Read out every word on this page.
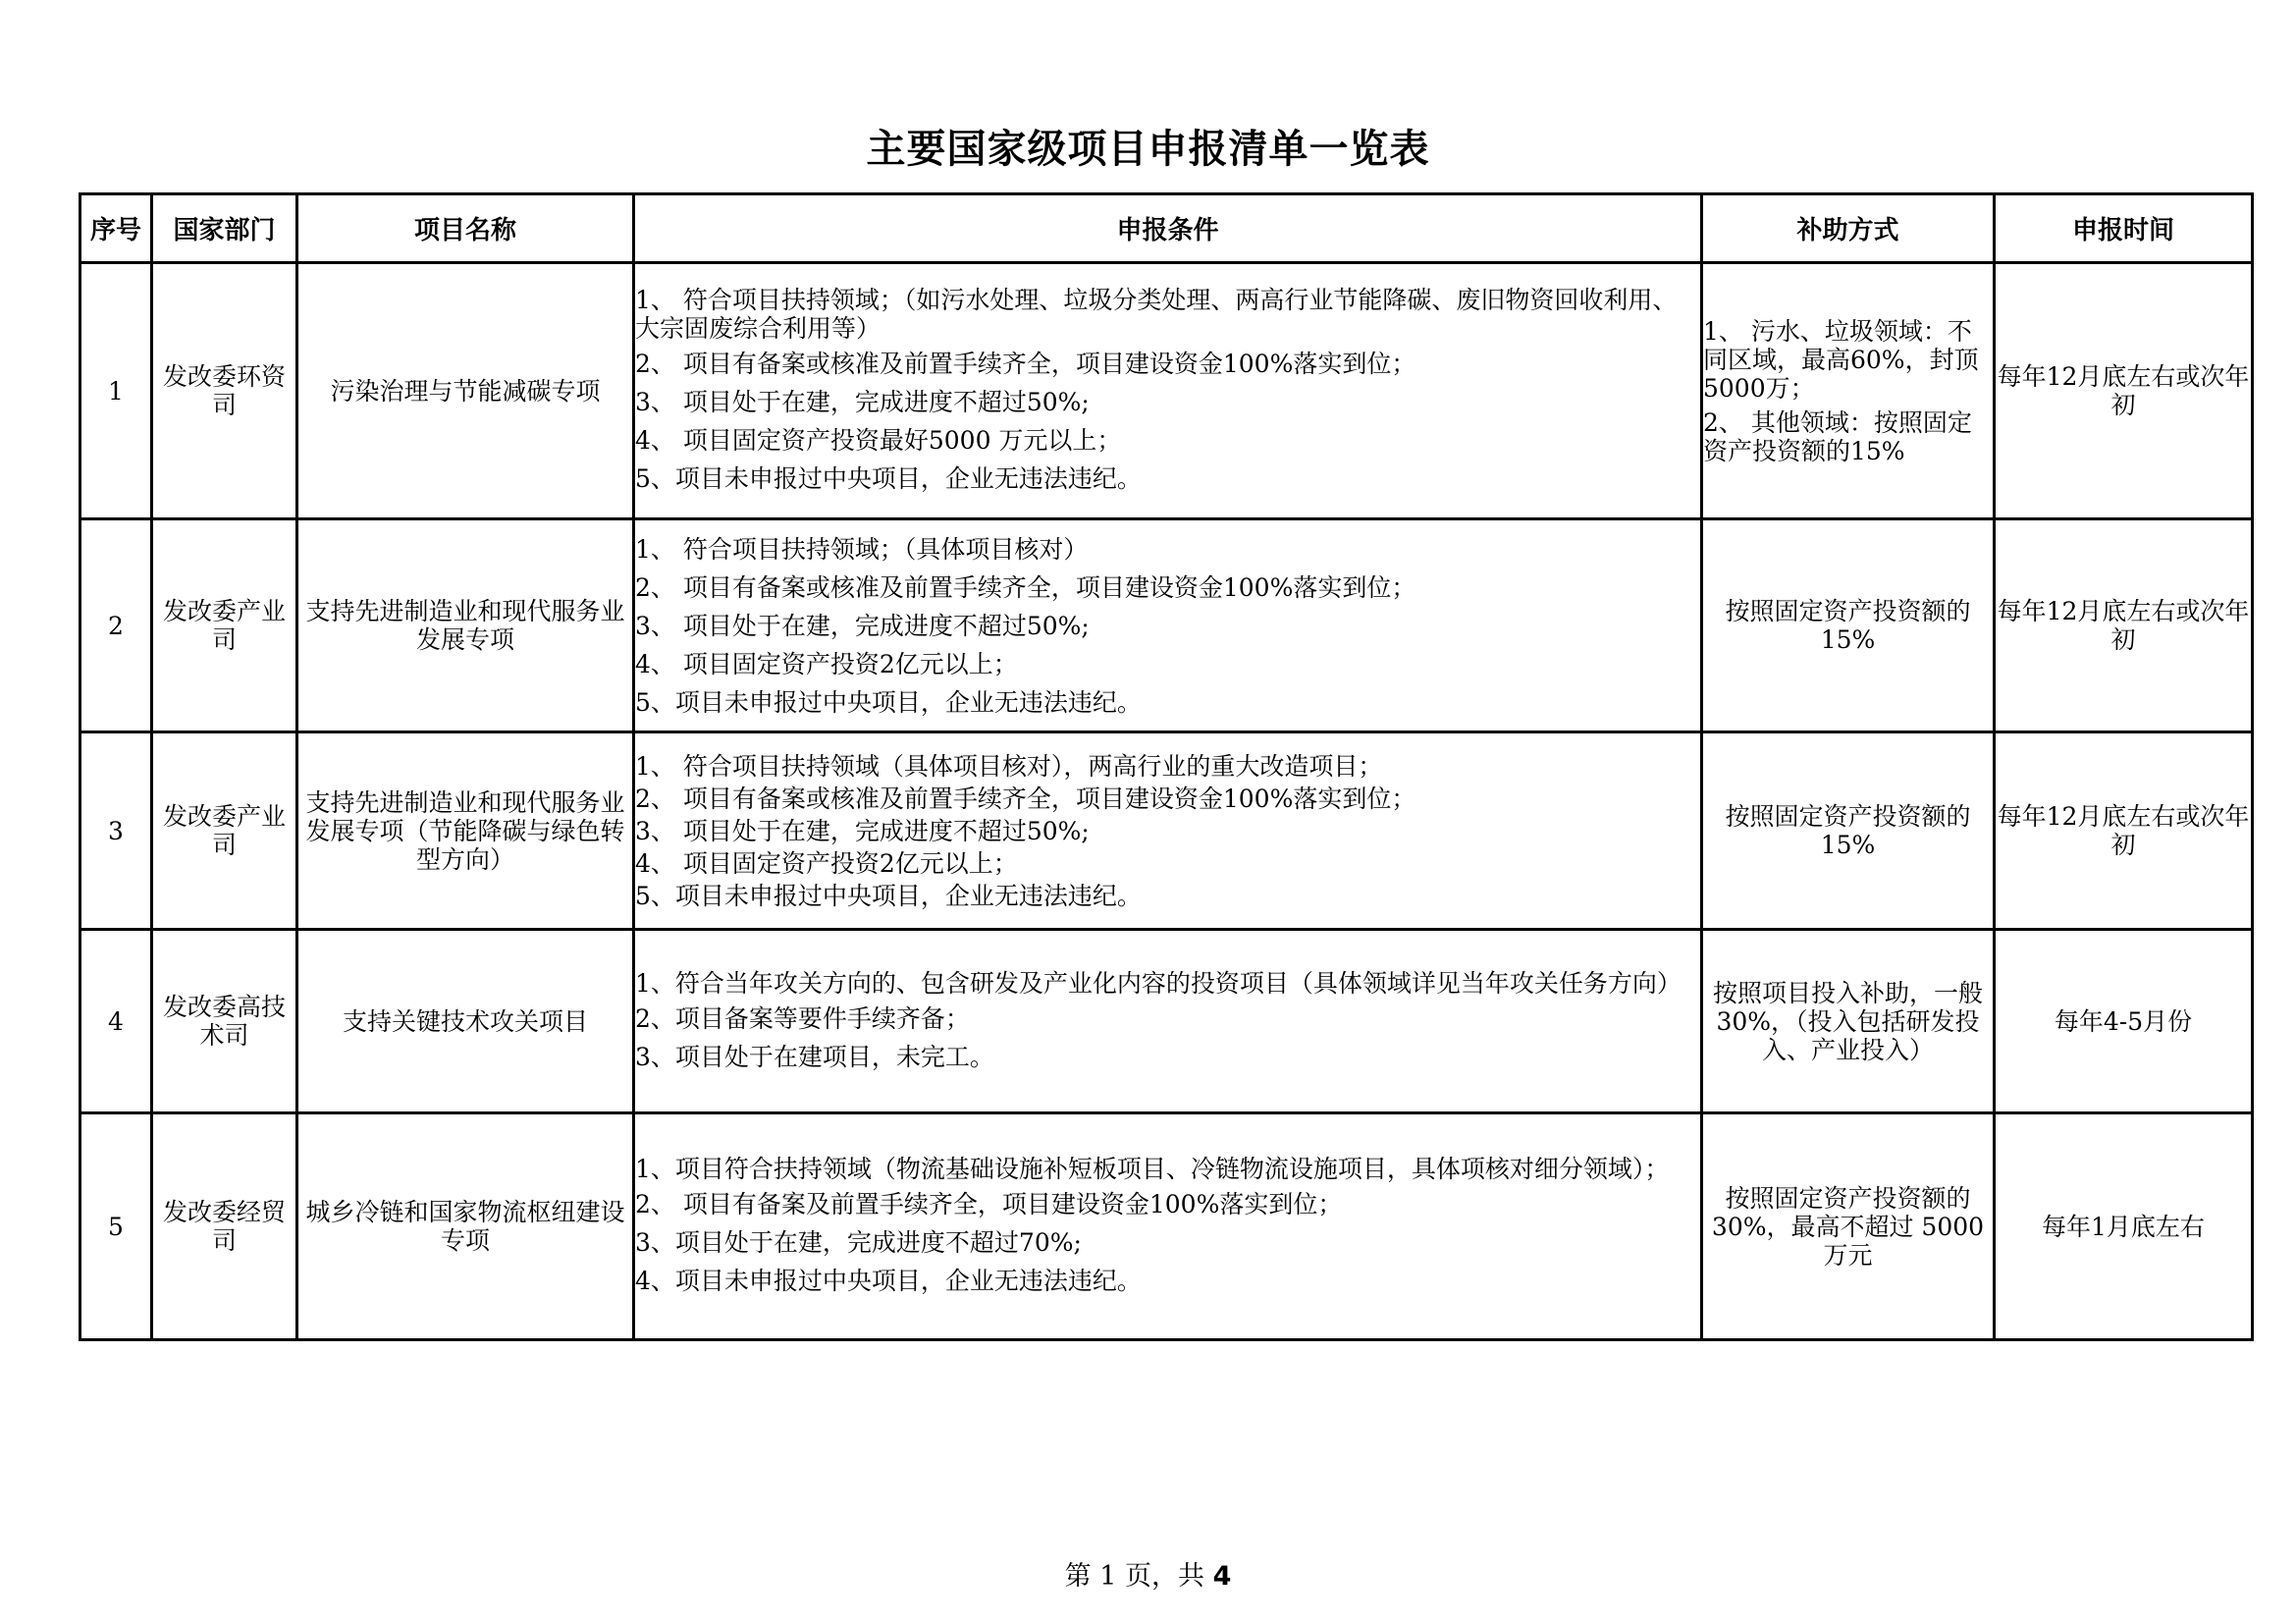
主要国家级项目申报清单一览表
序号	国家部门	项目名称	申报条件	补助方式	申报时间
1	发改委环资司	污染治理与节能减碳专项	1、 符合项目扶持领域；（如污水处理、垃圾分类处理、两高行业节能降碳、废旧物资回收利用、大宗固废综合利用等）
2、 项目有备案或核准及前置手续齐全，项目建设资金100%落实到位；
3、 项目处于在建，完成进度不超过50%;
4、 项目固定资产投资最好5000 万元以上；
5、项目未申报过中央项目，企业无违法违纪。	1、 污水、垃圾领域：不同区域，最高60%，封顶5000万；
2、 其他领域：按照固定资产投资额的15%	每年12月底左右或次年初
2	发改委产业司	支持先进制造业和现代服务业发展专项	1、 符合项目扶持领域；（具体项目核对）
2、 项目有备案或核准及前置手续齐全，项目建设资金100%落实到位；
3、 项目处于在建，完成进度不超过50%;
4、 项目固定资产投资2亿元以上；
5、项目未申报过中央项目，企业无违法违纪。	按照固定资产投资额的15%	每年12月底左右或次年初
3	发改委产业司	支持先进制造业和现代服务业发展专项（节能降碳与绿色转型方向）	1、 符合项目扶持领域（具体项目核对），两高行业的重大改造项目；
2、 项目有备案或核准及前置手续齐全，项目建设资金100%落实到位；
3、 项目处于在建，完成进度不超过50%;
4、 项目固定资产投资2亿元以上；
5、项目未申报过中央项目，企业无违法违纪。	按照固定资产投资额的15%	每年12月底左右或次年初
4	发改委高技术司	支持关键技术攻关项目	1、符合当年攻关方向的、包含研发及产业化内容的投资项目（具体领域详见当年攻关任务方向）
2、项目备案等要件手续齐备；
3、项目处于在建项目，未完工。	按照项目投入补助，一般30%，（投入包括研发投入、产业投入）	每年4-5月份
5	发改委经贸司	城乡冷链和国家物流枢纽建设专项	1、项目符合扶持领域（物流基础设施补短板项目、冷链物流设施项目，具体项核对细分领域）；
2、 项目有备案及前置手续齐全，项目建设资金100%落实到位；
3、项目处于在建，完成进度不超过70%;
4、项目未申报过中央项目，企业无违法违纪。	按照固定资产投资额的30%，最高不超过 5000万元	每年1月底左右
第 1 页，共 4
